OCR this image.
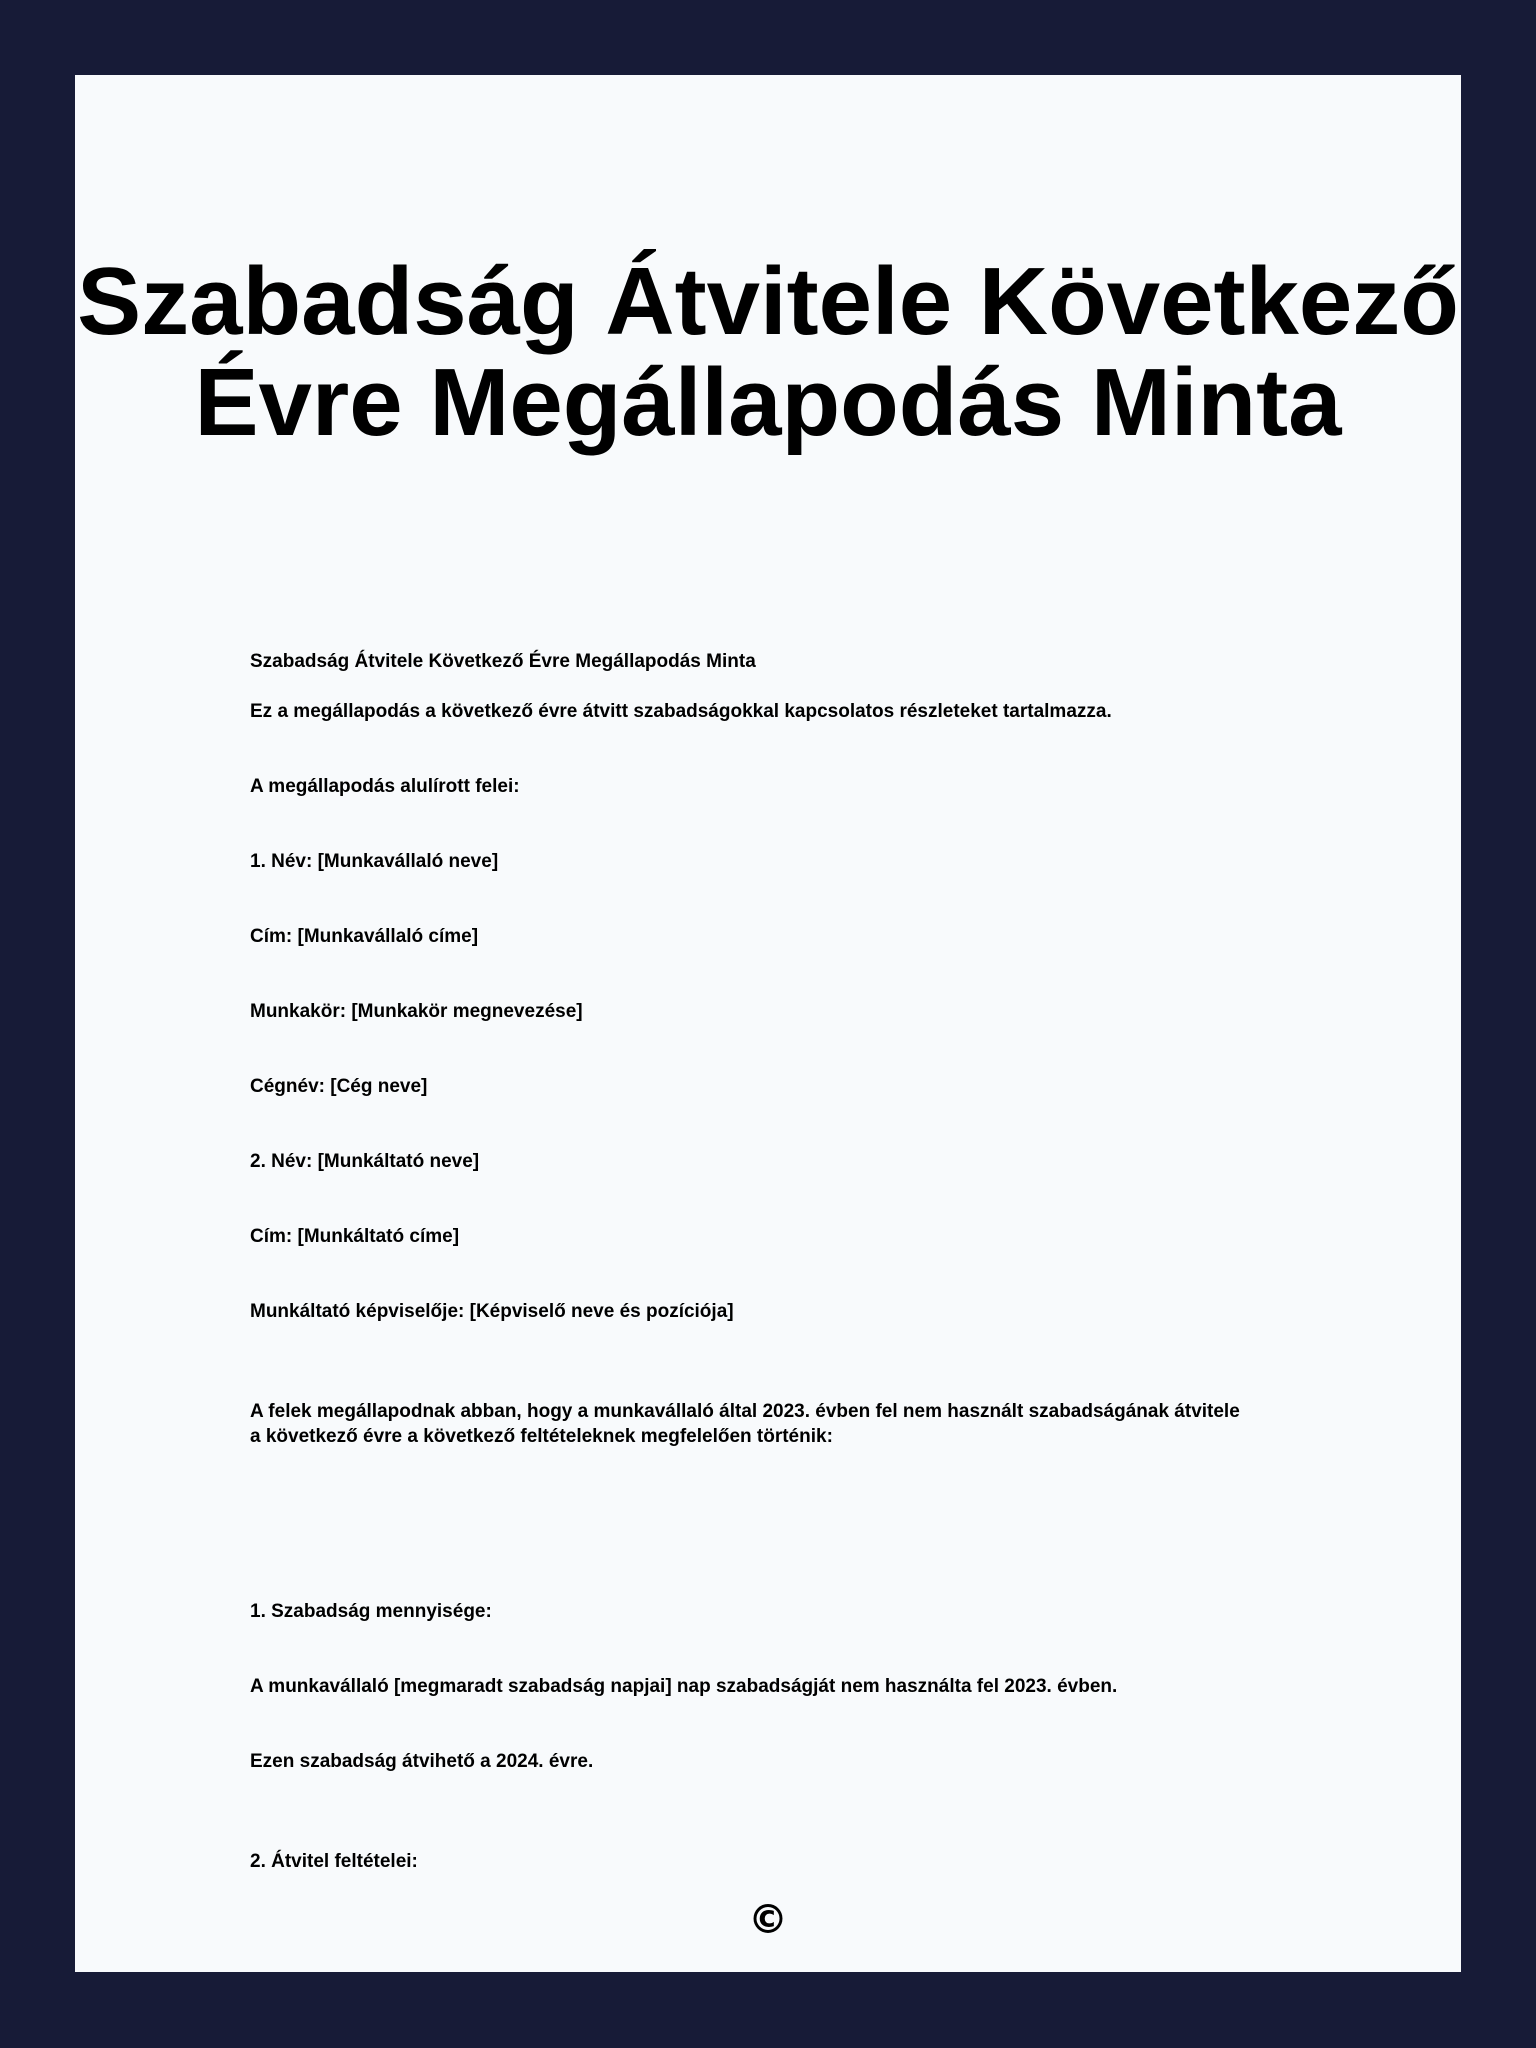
Szabadság Átvitele Következő Évre Megállapodás Minta

Szabadság Átvitele Következő Évre Megállapodás Minta

Ez a megállapodás a következő évre átvitt szabadságokkal kapcsolatos részleteket tartalmazza.

A megállapodás alulírott felei:

1. Név: [Munkavállaló neve]

Cím: [Munkavállaló címe]

Munkakör: [Munkakör megnevezése]

Cégnév: [Cég neve]

2. Név: [Munkáltató neve]

Cím: [Munkáltató címe]

Munkáltató képviselője: [Képviselő neve és pozíciója]

A felek megállapodnak abban, hogy a munkavállaló által 2023. évben fel nem használt szabadságának átvitele a következő évre a következő feltételeknek megfelelően történik:

1. Szabadság mennyisége:

A munkavállaló [megmaradt szabadság napjai] nap szabadságját nem használta fel 2023. évben.

Ezen szabadság átvihető a 2024. évre.

2. Átvitel feltételei:

©
